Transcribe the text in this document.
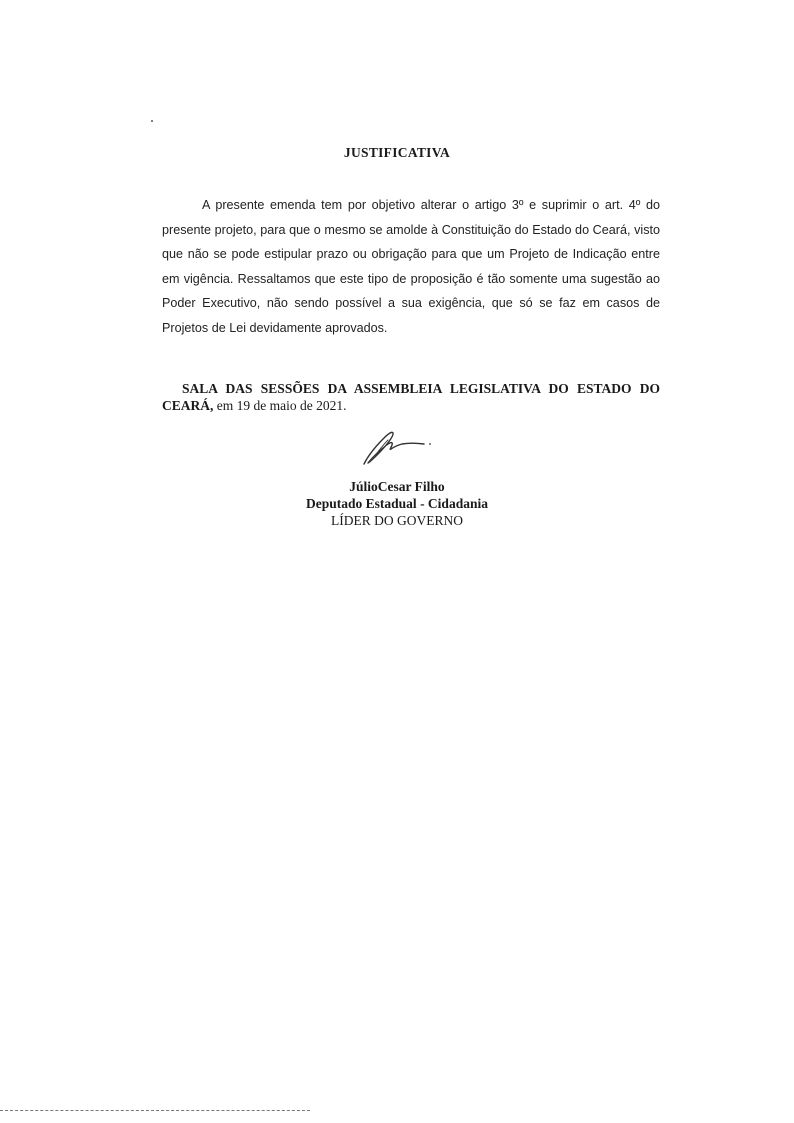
JUSTIFICATIVA

A presente emenda tem por objetivo alterar o artigo 3º e suprimir o art. 4º do presente projeto, para que o mesmo se amolde à Constituição do Estado do Ceará, visto que não se pode estipular prazo ou obrigação para que um Projeto de Indicação entre em vigência. Ressaltamos que este tipo de proposição é tão somente uma sugestão ao Poder Executivo, não sendo possível a sua exigência, que só se faz em casos de Projetos de Lei devidamente aprovados.

SALA DAS SESSÕES DA ASSEMBLEIA LEGISLATIVA DO ESTADO DO CEARÁ, em 19 de maio de 2021.

JúlioCesar Filho
Deputado Estadual - Cidadania
LÍDER DO GOVERNO
